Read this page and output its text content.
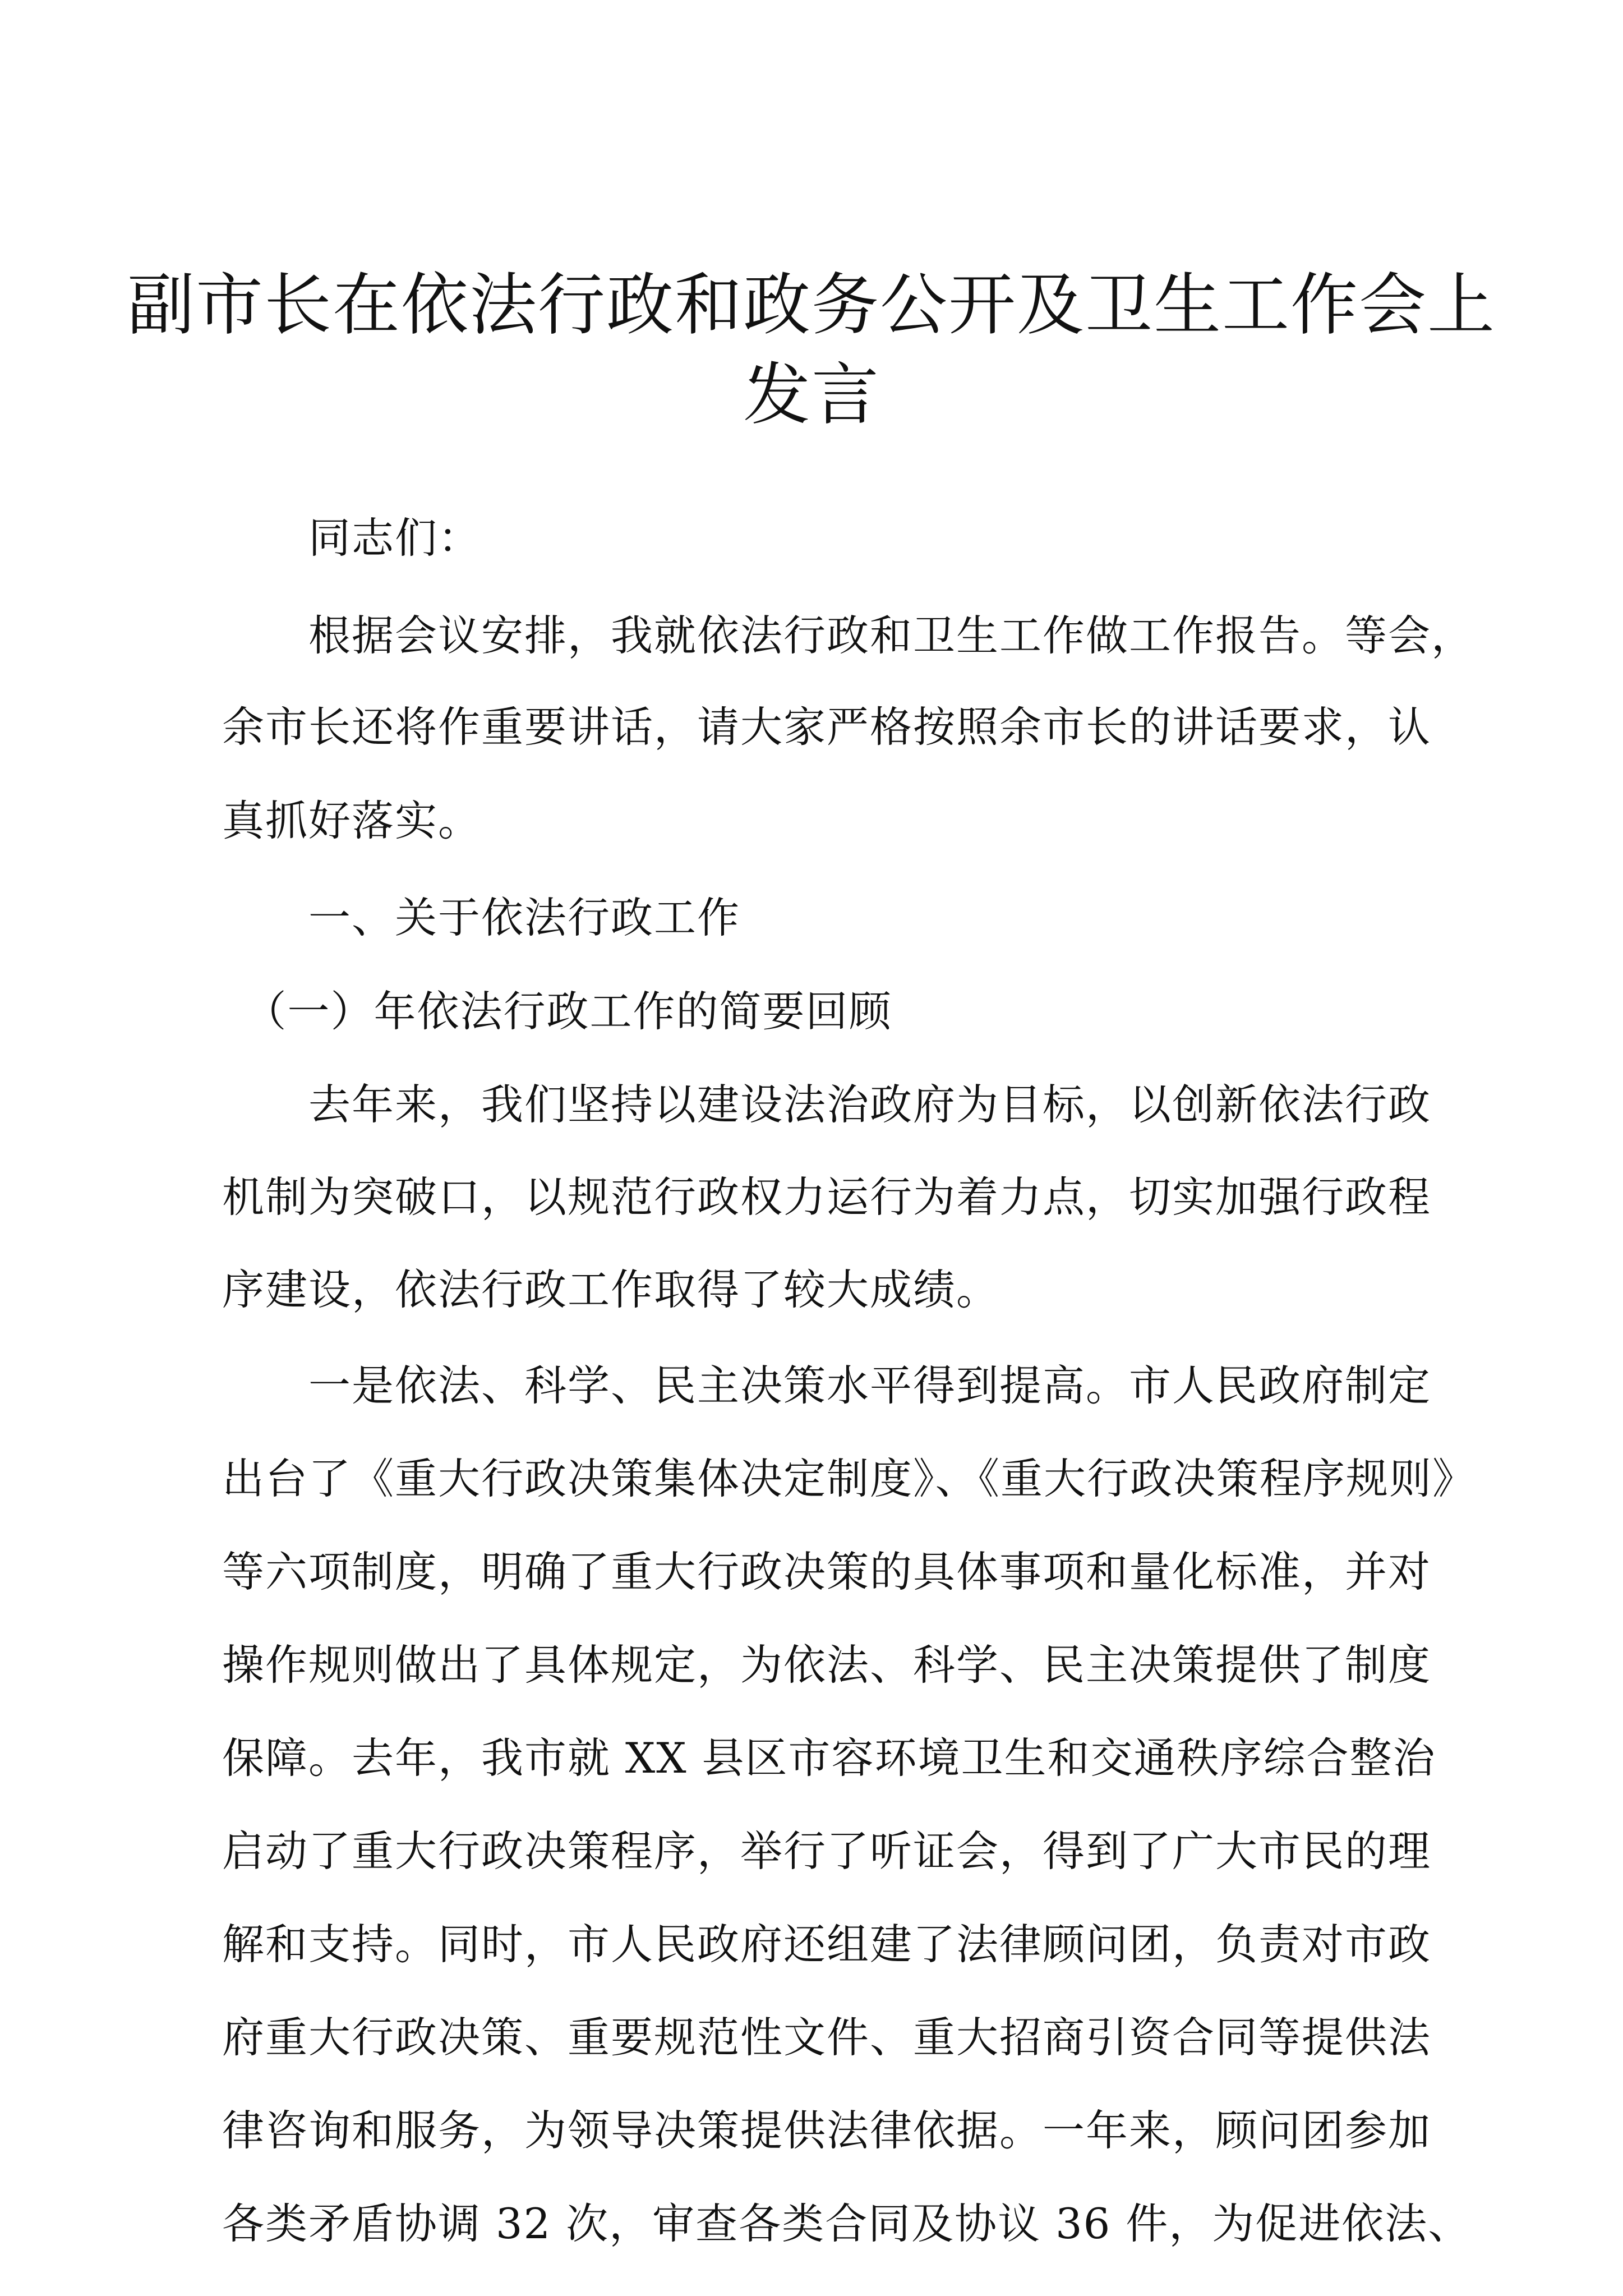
副市长在依法行政和政务公开及卫生工作会上
发言
　　同志们：
　　根据会议安排，我就依法行政和卫生工作做工作报告。等会，
余市长还将作重要讲话，请大家严格按照余市长的讲话要求，认
真抓好落实。
　　一、关于依法行政工作
　（一）年依法行政工作的简要回顾
　　去年来，我们坚持以建设法治政府为目标，以创新依法行政
机制为突破口，以规范行政权力运行为着力点，切实加强行政程
序建设，依法行政工作取得了较大成绩。
　　一是依法、科学、民主决策水平得到提高。市人民政府制定
出台了《重大行政决策集体决定制度》、《重大行政决策程序规则》
等六项制度，明确了重大行政决策的具体事项和量化标准，并对
操作规则做出了具体规定，为依法、科学、民主决策提供了制度
保障。去年，我市就 XX 县区市容环境卫生和交通秩序综合整治
启动了重大行政决策程序，举行了听证会，得到了广大市民的理
解和支持。同时，市人民政府还组建了法律顾问团，负责对市政
府重大行政决策、重要规范性文件、重大招商引资合同等提供法
律咨询和服务，为领导决策提供法律依据。一年来，顾问团参加
各类矛盾协调 32 次，审查各类合同及协议 36 件，为促进依法、
